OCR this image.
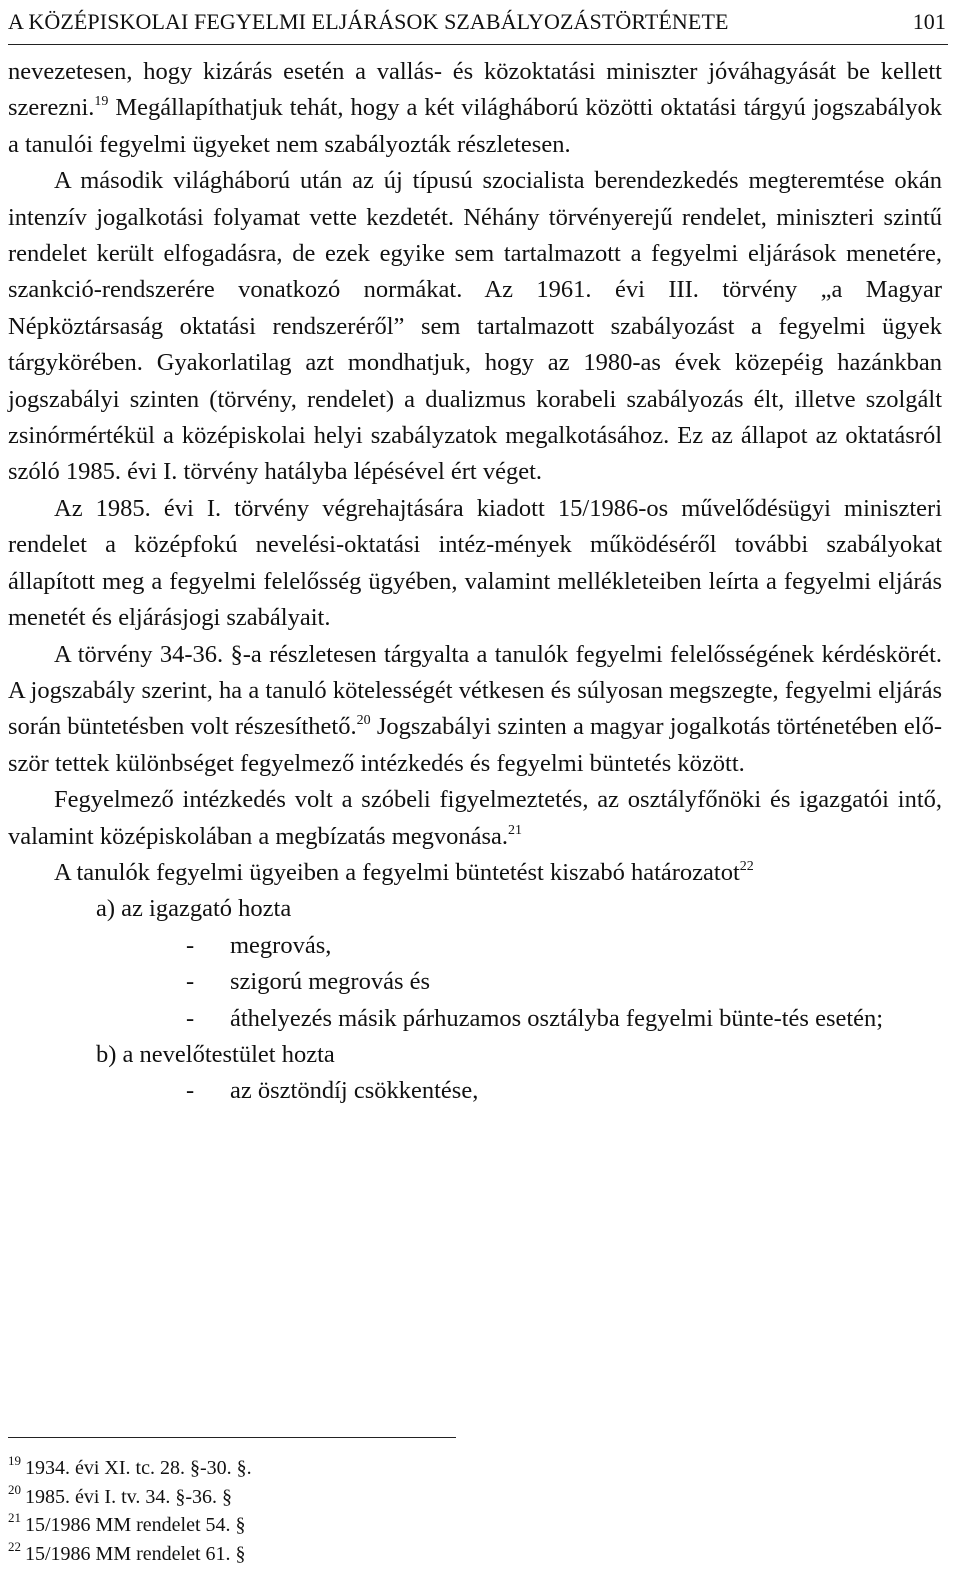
A KÖZÉPISKOLAI FEGYELMI ELJÁRÁSOK SZABÁLYOZÁSTÖRTÉNETE	101

nevezetesen, hogy kizárás esetén a vallás- és közoktatási miniszter jóváhagyását be kellett szerezni.$^{19}$ Megállapíthatjuk tehát, hogy a két világháború közötti oktatási tárgyú jogszabályok a tanulói fegyelmi ügyeket nem szabályozták részletesen.

A második világháború után az új típusú szocialista berendezkedés megteremtése okán intenzív jogalkotási folyamat vette kezdetét. Néhány törvényerejű rendelet, miniszteri szintű rendelet került elfogadásra, de ezek egyike sem tartalmazott a fegyelmi eljárások menetére, szankció-rendszerére vonatkozó normákat. Az 1961. évi III. törvény „a Magyar Népköztársaság oktatási rendszeréről” sem tartalmazott szabályozást a fegyelmi ügyek tárgykörében. Gyakorlatilag azt mondhatjuk, hogy az 1980-as évek közepéig hazánkban jogszabályi szinten (törvény, rendelet) a dualizmus korabeli szabályozás élt, illetve szolgált zsinórmértékül a középiskolai helyi szabályzatok megalkotásához. Ez az állapot az oktatásról szóló 1985. évi I. törvény hatályba lépésével ért véget.

Az 1985. évi I. törvény végrehajtására kiadott 15/1986-os művelődésügyi miniszteri rendelet a középfokú nevelési-oktatási intéz-mények működéséről további szabályokat állapított meg a fegyelmi felelősség ügyében, valamint mellékleteiben leírta a fegyelmi eljárás menetét és eljárásjogi szabályait.

A törvény 34-36. §-a részletesen tárgyalta a tanulók fegyelmi felelősségének kérdéskörét. A jogszabály szerint, ha a tanuló kötelességét vétkesen és súlyosan megszegte, fegyelmi eljárás során büntetésben volt részesíthető.$^{20}$ Jogszabályi szinten a magyar jogalkotás történetében elő-ször tettek különbséget fegyelmező intézkedés és fegyelmi büntetés között.

Fegyelmező intézkedés volt a szóbeli figyelmeztetés, az osztályfőnöki és igazgatói intő, valamint középiskolában a megbízatás megvonása.$^{21}$

A tanulók fegyelmi ügyeiben a fegyelmi büntetést kiszabó határozatot$^{22}$

a) az igazgató hozta
- megrovás,
- szigorú megrovás és
- áthelyezés másik párhuzamos osztályba fegyelmi bünte-tés esetén;
b) a nevelőtestület hozta
- az ösztöndíj csökkentése,
$^{19}$ 1934. évi XI. tc. 28. §-30. §.
$^{20}$ 1985. évi I. tv. 34. §-36. §
$^{21}$ 15/1986 MM rendelet 54. §
$^{22}$ 15/1986 MM rendelet 61. §
